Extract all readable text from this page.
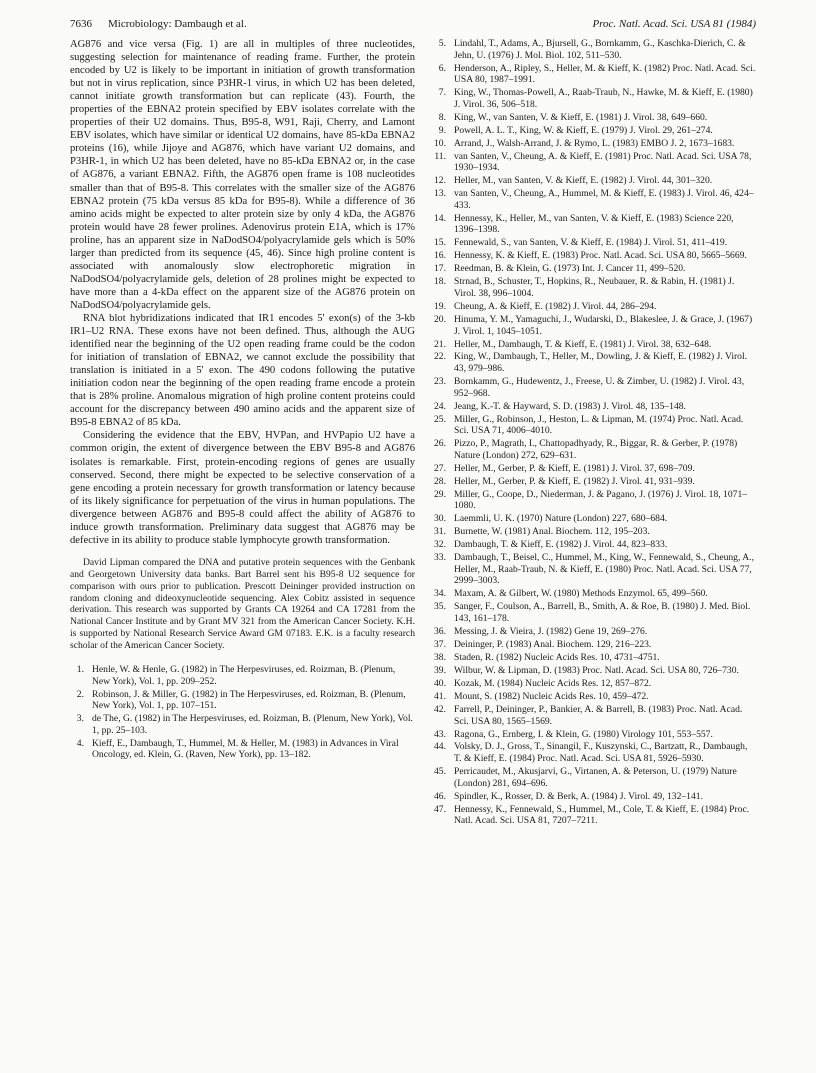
7636 Microbiology: Dambaugh et al.	Proc. Natl. Acad. Sci. USA 81 (1984)

AG876 and vice versa (Fig. 1) are all in multiples of three nucleotides, suggesting selection for maintenance of reading frame. Further, the protein encoded by U2 is likely to be important in initiation of growth transformation but not in virus replication, since P3HR-1 virus, in which U2 has been deleted, cannot initiate growth transformation but can replicate (43). Fourth, the properties of the EBNA2 protein specified by EBV isolates correlate with the properties of their U2 domains. Thus, B95-8, W91, Raji, Cherry, and Lamont EBV isolates, which have similar or identical U2 domains, have 85-kDa EBNA2 proteins (16), while Jijoye and AG876, which have variant U2 domains, and P3HR-1, in which U2 has been deleted, have no 85-kDa EBNA2 or, in the case of AG876, a variant EBNA2. Fifth, the AG876 open frame is 108 nucleotides smaller than that of B95-8. This correlates with the smaller size of the AG876 EBNA2 protein (75 kDa versus 85 kDa for B95-8). While a difference of 36 amino acids might be expected to alter protein size by only 4 kDa, the AG876 protein would have 28 fewer prolines. Adenovirus protein E1A, which is 17% proline, has an apparent size in NaDodSO4/polyacrylamide gels which is 50% larger than predicted from its sequence (45, 46). Since high proline content is associated with anomalously slow electrophoretic migration in NaDodSO4/polyacrylamide gels, deletion of 28 prolines might be expected to have more than a 4-kDa effect on the apparent size of the AG876 protein on NaDodSO4/polyacrylamide gels.

RNA blot hybridizations indicated that IR1 encodes 5' exon(s) of the 3-kb IR1–U2 RNA. These exons have not been defined. Thus, although the AUG identified near the beginning of the U2 open reading frame could be the codon for initiation of translation of EBNA2, we cannot exclude the possibility that translation is initiated in a 5' exon. The 490 codons following the putative initiation codon near the beginning of the open reading frame encode a protein that is 28% proline. Anomalous migration of high proline content proteins could account for the discrepancy between 490 amino acids and the apparent size of B95-8 EBNA2 of 85 kDa.

Considering the evidence that the EBV, HVPan, and HVPapio U2 have a common origin, the extent of divergence between the EBV B95-8 and AG876 isolates is remarkable. First, protein-encoding regions of genes are usually conserved. Second, there might be expected to be selective conservation of a gene encoding a protein necessary for growth transformation or latency because of its likely significance for perpetuation of the virus in human populations. The divergence between AG876 and B95-8 could affect the ability of AG876 to induce growth transformation. Preliminary data suggest that AG876 may be defective in its ability to produce stable lymphocyte growth transformation.

David Lipman compared the DNA and putative protein sequences with the Genbank and Georgetown University data banks. Bart Barrel sent his B95-8 U2 sequence for comparison with ours prior to publication. Prescott Deininger provided instruction on random cloning and dideoxynucleotide sequencing. Alex Cobitz assisted in sequence derivation. This research was supported by Grants CA 19264 and CA 17281 from the National Cancer Institute and by Grant MV 321 from the American Cancer Society. K.H. is supported by National Research Service Award GM 07183. E.K. is a faculty research scholar of the American Cancer Society.

1. Henle, W. & Henle, G. (1982) in The Herpesviruses, ed. Roizman, B. (Plenum, New York), Vol. 1, pp. 209–252.
2. Robinson, J. & Miller, G. (1982) in The Herpesviruses, ed. Roizman, B. (Plenum, New York), Vol. 1, pp. 107–151.
3. de The, G. (1982) in The Herpesviruses, ed. Roizman, B. (Plenum, New York), Vol. 1, pp. 25–103.
4. Kieff, E., Dambaugh, T., Hummel, M. & Heller, M. (1983) in Advances in Viral Oncology, ed. Klein, G. (Raven, New York), pp. 13–182.
5. Lindahl, T., Adams, A., Bjursell, G., Bornkamm, G., Kaschka-Dierich, C. & Jehn, U. (1976) J. Mol. Biol. 102, 511–530.
6. Henderson, A., Ripley, S., Heller, M. & Kieff, K. (1982) Proc. Natl. Acad. Sci. USA 80, 1987–1991.
7. King, W., Thomas-Powell, A., Raab-Traub, N., Hawke, M. & Kieff, E. (1980) J. Virol. 36, 506–518.
8. King, W., van Santen, V. & Kieff, E. (1981) J. Virol. 38, 649–660.
9. Powell, A. L. T., King, W. & Kieff, E. (1979) J. Virol. 29, 261–274.
10. Arrand, J., Walsh-Arrand, J. & Rymo, L. (1983) EMBO J. 2, 1673–1683.
11. van Santen, V., Cheung, A. & Kieff, E. (1981) Proc. Natl. Acad. Sci. USA 78, 1930–1934.
12. Heller, M., van Santen, V. & Kieff, E. (1982) J. Virol. 44, 301–320.
13. van Santen, V., Cheung, A., Hummel, M. & Kieff, E. (1983) J. Virol. 46, 424–433.
14. Hennessy, K., Heller, M., van Santen, V. & Kieff, E. (1983) Science 220, 1396–1398.
15. Fennewald, S., van Santen, V. & Kieff, E. (1984) J. Virol. 51, 411–419.
16. Hennessy, K. & Kieff, E. (1983) Proc. Natl. Acad. Sci. USA 80, 5665–5669.
17. Reedman, B. & Klein, G. (1973) Int. J. Cancer 11, 499–520.
18. Strnad, B., Schuster, T., Hopkins, R., Neubauer, R. & Rabin, H. (1981) J. Virol. 38, 996–1004.
19. Cheung, A. & Kieff, E. (1982) J. Virol. 44, 286–294.
20. Hinuma, Y. M., Yamaguchi, J., Wudarski, D., Blakeslee, J. & Grace, J. (1967) J. Virol. 1, 1045–1051.
21. Heller, M., Dambaugh, T. & Kieff, E. (1981) J. Virol. 38, 632–648.
22. King, W., Dambaugh, T., Heller, M., Dowling, J. & Kieff, E. (1982) J. Virol. 43, 979–986.
23. Bornkamm, G., Hudewentz, J., Freese, U. & Zimber, U. (1982) J. Virol. 43, 952–968.
24. Jeang, K.-T. & Hayward, S. D. (1983) J. Virol. 48, 135–148.
25. Miller, G., Robinson, J., Heston, L. & Lipman, M. (1974) Proc. Natl. Acad. Sci. USA 71, 4006–4010.
26. Pizzo, P., Magrath, I., Chattopadhyady, R., Biggar, R. & Gerber, P. (1978) Nature (London) 272, 629–631.
27. Heller, M., Gerber, P. & Kieff, E. (1981) J. Virol. 37, 698–709.
28. Heller, M., Gerber, P. & Kieff, E. (1982) J. Virol. 41, 931–939.
29. Miller, G., Coope, D., Niederman, J. & Pagano, J. (1976) J. Virol. 18, 1071–1080.
30. Laemmli, U. K. (1970) Nature (London) 227, 680–684.
31. Burnette, W. (1981) Anal. Biochem. 112, 195–203.
32. Dambaugh, T. & Kieff, E. (1982) J. Virol. 44, 823–833.
33. Dambaugh, T., Beisel, C., Hummel, M., King, W., Fennewald, S., Cheung, A., Heller, M., Raab-Traub, N. & Kieff, E. (1980) Proc. Natl. Acad. Sci. USA 77, 2999–3003.
34. Maxam, A. & Gilbert, W. (1980) Methods Enzymol. 65, 499–560.
35. Sanger, F., Coulson, A., Barrell, B., Smith, A. & Roe, B. (1980) J. Med. Biol. 143, 161–178.
36. Messing, J. & Vieira, J. (1982) Gene 19, 269–276.
37. Deininger, P. (1983) Anal. Biochem. 129, 216–223.
38. Staden, R. (1982) Nucleic Acids Res. 10, 4731–4751.
39. Wilbur, W. & Lipman, D. (1983) Proc. Natl. Acad. Sci. USA 80, 726–730.
40. Kozak, M. (1984) Nucleic Acids Res. 12, 857–872.
41. Mount, S. (1982) Nucleic Acids Res. 10, 459–472.
42. Farrell, P., Deininger, P., Bankier, A. & Barrell, B. (1983) Proc. Natl. Acad. Sci. USA 80, 1565–1569.
43. Ragona, G., Ernberg, I. & Klein, G. (1980) Virology 101, 553–557.
44. Volsky, D. J., Gross, T., Sinangil, F., Kuszynski, C., Bartzatt, R., Dambaugh, T. & Kieff, E. (1984) Proc. Natl. Acad. Sci. USA 81, 5926–5930.
45. Perricaudet, M., Akusjarvi, G., Virtanen, A. & Peterson, U. (1979) Nature (London) 281, 694–696.
46. Spindler, K., Rosser, D. & Berk, A. (1984) J. Virol. 49, 132–141.
47. Hennessy, K., Fennewald, S., Hummel, M., Cole, T. & Kieff, E. (1984) Proc. Natl. Acad. Sci. USA 81, 7207–7211.
